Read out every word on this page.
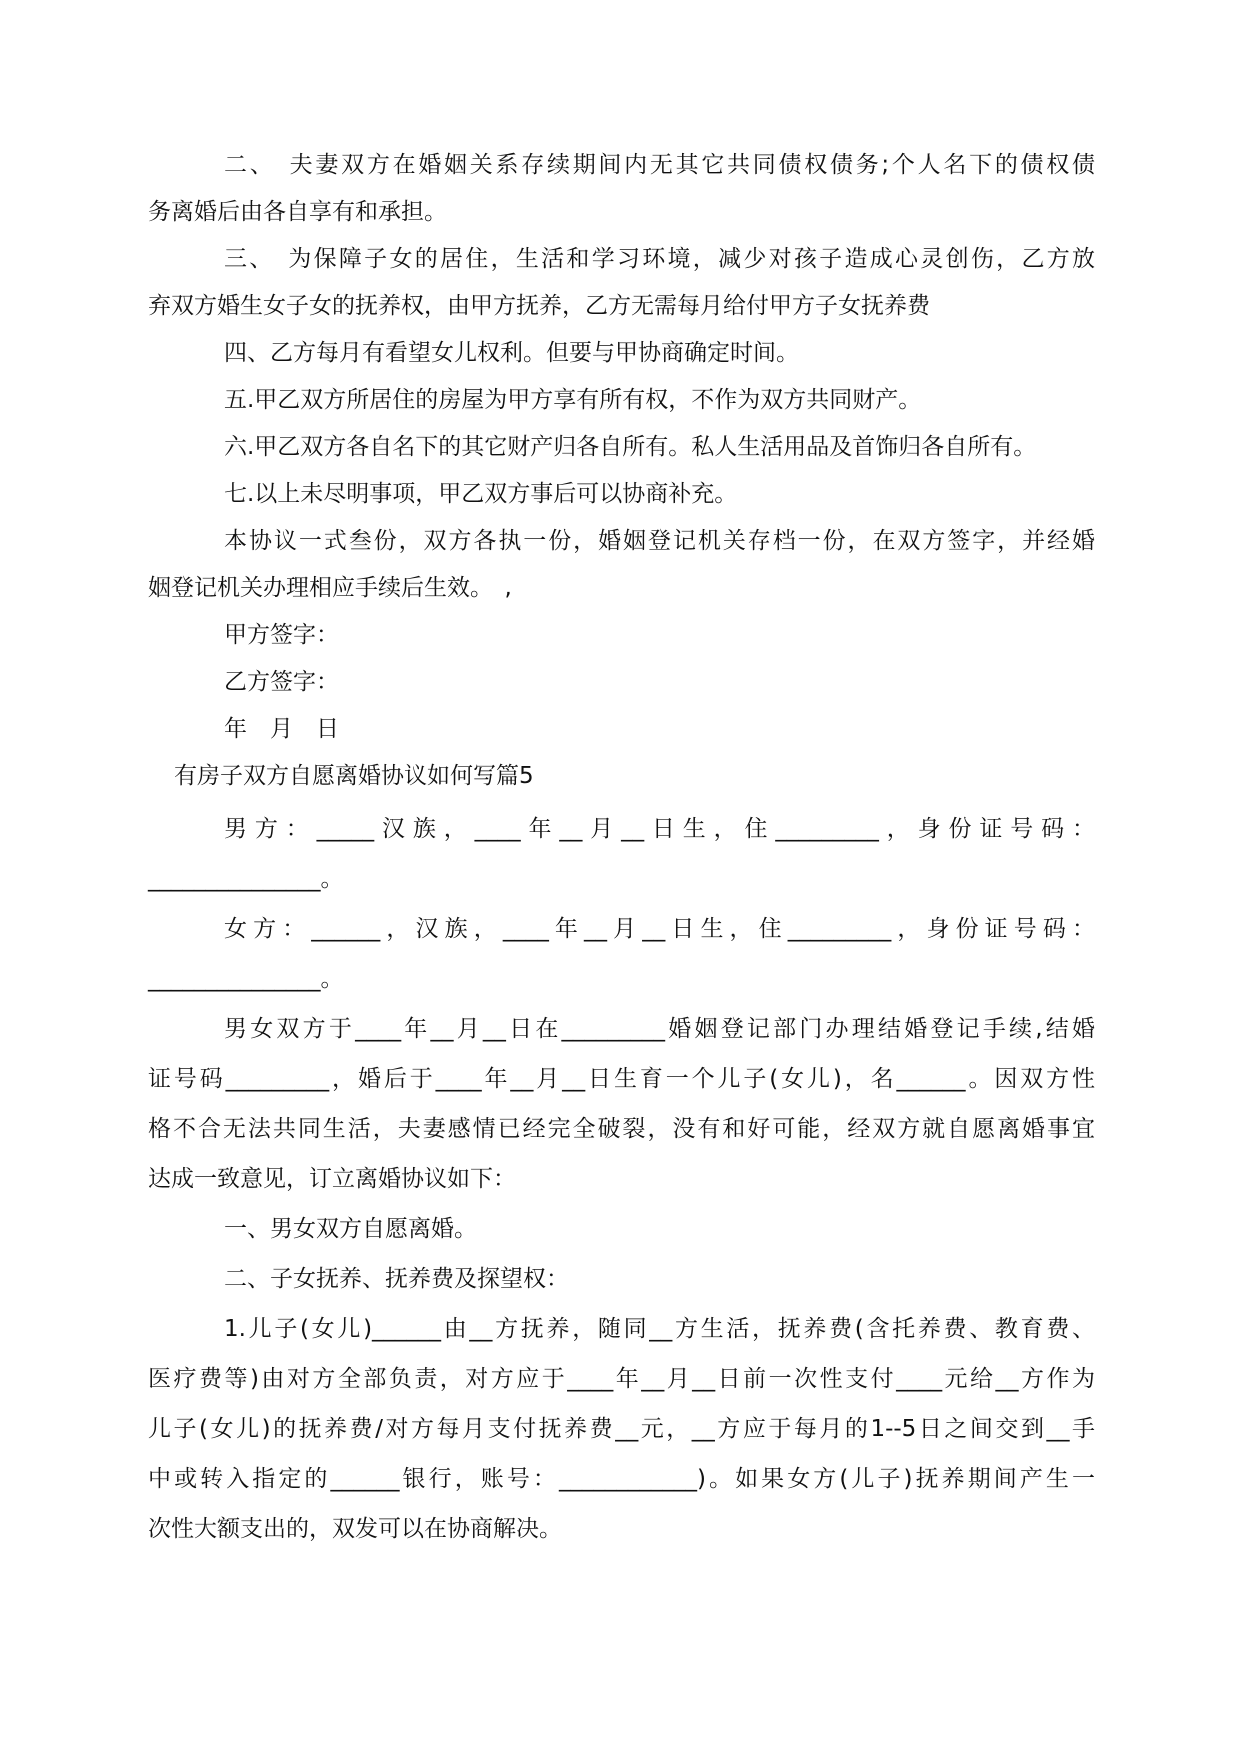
二、　夫妻双方在婚姻关系存续期间内无其它共同债权债务;个人名下的债权债
务离婚后由各自享有和承担。
三、　为保障子女的居住，生活和学习环境，减少对孩子造成心灵创伤，乙方放
弃双方婚生女子女的抚养权，由甲方抚养，乙方无需每月给付甲方子女抚养费
四、乙方每月有看望女儿权利。但要与甲协商确定时间。
五.甲乙双方所居住的房屋为甲方享有所有权，不作为双方共同财产。
六.甲乙双方各自名下的其它财产归各自所有。私人生活用品及首饰归各自所有。
七.以上未尽明事项，甲乙双方事后可以协商补充。
本协议一式叁份，双方各执一份，婚姻登记机关存档一份，在双方签字，并经婚
姻登记机关办理相应手续后生效。　,
甲方签字：
乙方签字：
年　月　日
有房子双方自愿离婚协议如何写篇5
男方：_____汉族，____年__月__日生，住_________，身份证号码：
_______________。
女方：______，汉族，____年__月__日生，住_________，身份证号码：
_______________。
男女双方于____年__月__日在_________婚姻登记部门办理结婚登记手续,结婚
证号码_________，婚后于____年__月__日生育一个儿子(女儿)，名______。因双方性
格不合无法共同生活，夫妻感情已经完全破裂，没有和好可能，经双方就自愿离婚事宜
达成一致意见，订立离婚协议如下：
一、男女双方自愿离婚。
二、子女抚养、抚养费及探望权：
1.儿子(女儿)______由__方抚养，随同__方生活，抚养费(含托养费、教育费、
医疗费等)由对方全部负责，对方应于____年__月__日前一次性支付____元给__方作为
儿子(女儿)的抚养费/对方每月支付抚养费__元，__方应于每月的1--5日之间交到__手
中或转入指定的______银行，账号：____________)。如果女方(儿子)抚养期间产生一
次性大额支出的，双发可以在协商解决。
